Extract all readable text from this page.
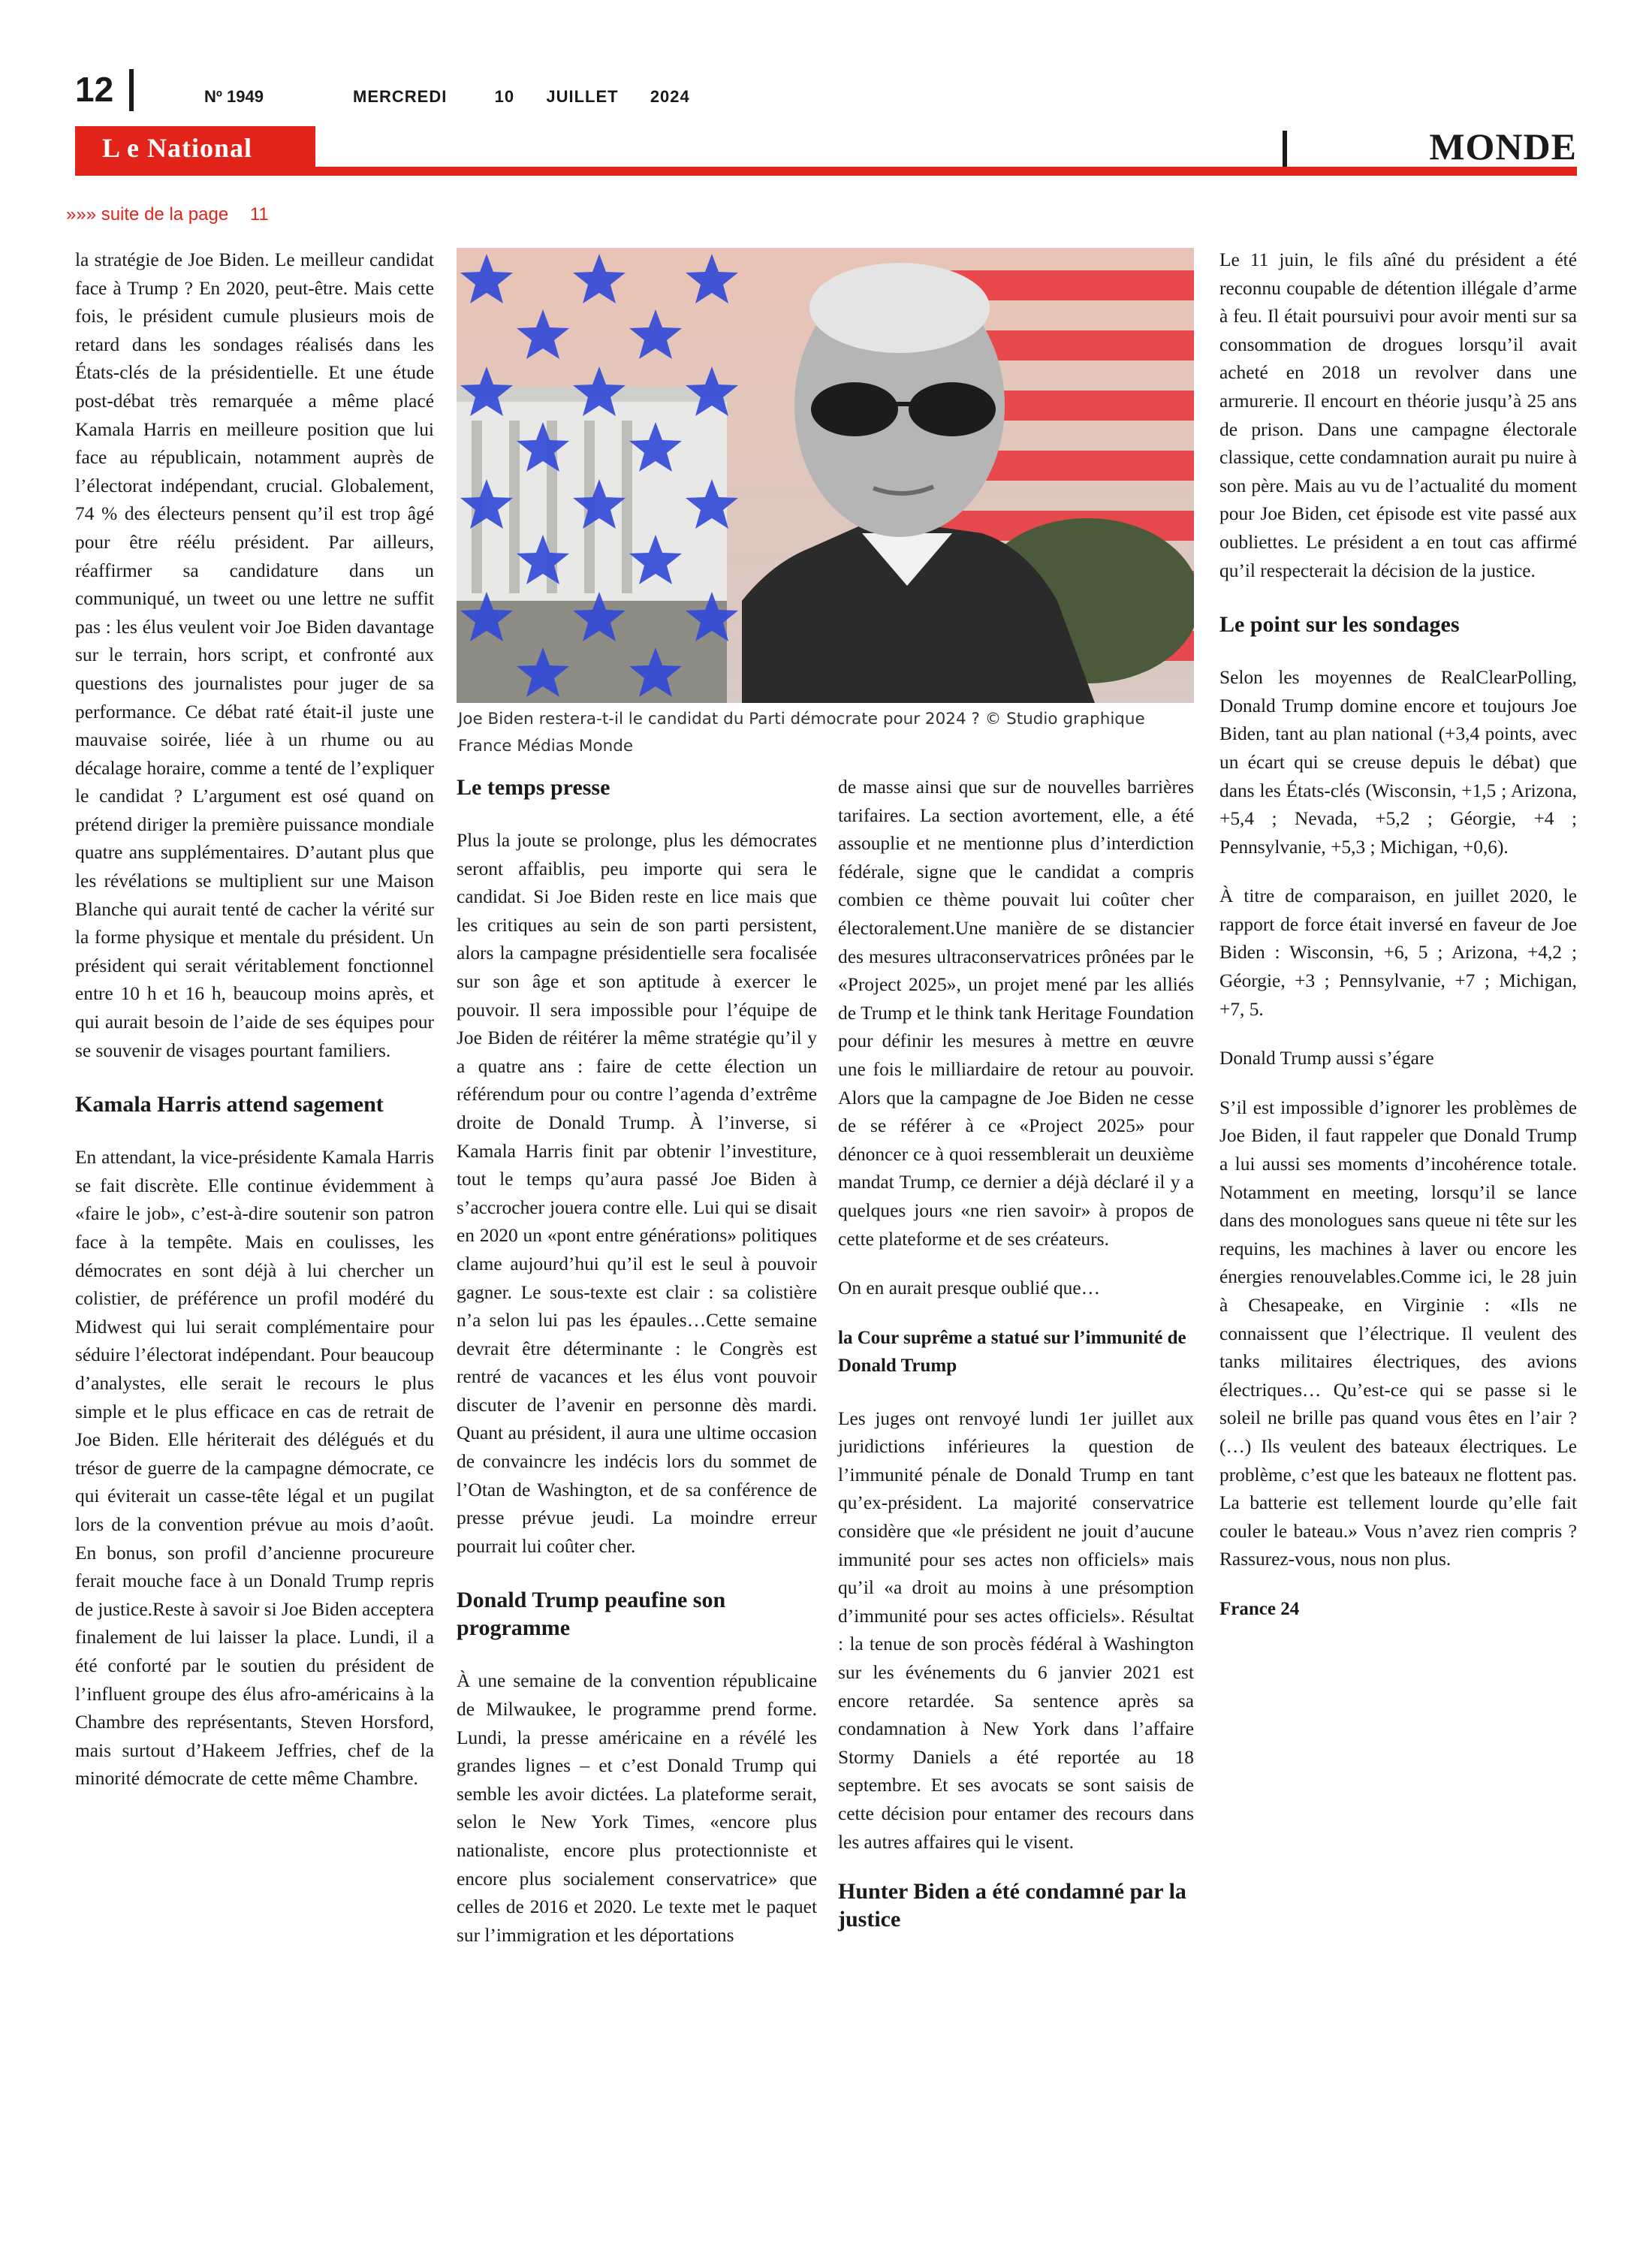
12	Nº 1949	MERCREDI   10  JUILLET  2024
L e National	MONDE
»»» suite de la page 11

la stratégie de Joe Biden. Le meilleur candidat face à Trump ? En 2020, peut-être. Mais cette fois, le président cumule plusieurs mois de retard dans les sondages réalisés dans les États-clés de la présidentielle. Et une étude post-débat très remarquée a même placé Kamala Harris en meilleure position que lui face au républicain, notamment auprès de l’électorat indépendant, crucial. Globalement, 74 % des électeurs pensent qu’il est trop âgé pour être réélu président. Par ailleurs, réaffirmer sa candidature dans un communiqué, un tweet ou une lettre ne suffit pas : les élus veulent voir Joe Biden davantage sur le terrain, hors script, et confronté aux questions des journalistes pour juger de sa performance. Ce débat raté était-il juste une mauvaise soirée, liée à un rhume ou au décalage horaire, comme a tenté de l’expliquer le candidat ? L’argument est osé quand on prétend diriger la première puissance mondiale quatre ans supplémentaires. D’autant plus que les révélations se multiplient sur une Maison Blanche qui aurait tenté de cacher la vérité sur la forme physique et mentale du président. Un président qui serait véritablement fonctionnel entre 10 h et 16 h, beaucoup moins après, et qui aurait besoin de l’aide de ses équipes pour se souvenir de visages pourtant familiers.

Kamala Harris attend sagement

En attendant, la vice-présidente Kamala Harris se fait discrète. Elle continue évidemment à «faire le job», c’est-à-dire soutenir son patron face à la tempête. Mais en coulisses, les démocrates en sont déjà à lui chercher un colistier, de préférence un profil modéré du Midwest qui lui serait complémentaire pour séduire l’électorat indépendant. Pour beaucoup d’analystes, elle serait le recours le plus simple et le plus efficace en cas de retrait de Joe Biden. Elle hériterait des délégués et du trésor de guerre de la campagne démocrate, ce qui éviterait un casse-tête légal et un pugilat lors de la convention prévue au mois d’août. En bonus, son profil d’ancienne procureure ferait mouche face à un Donald Trump repris de justice.Reste à savoir si Joe Biden acceptera finalement de lui laisser la place. Lundi, il a été conforté par le soutien du président de l’influent groupe des élus afro-américains à la Chambre des représentants, Steven Horsford, mais surtout d’Hakeem Jeffries, chef de la minorité démocrate de cette même Chambre.

Joe Biden restera-t-il le candidat du Parti démocrate pour 2024 ? © Studio graphique France Médias Monde
Le temps presse

Plus la joute se prolonge, plus les démocrates seront affaiblis, peu importe qui sera le candidat. Si Joe Biden reste en lice mais que les critiques au sein de son parti persistent, alors la campagne présidentielle sera focalisée sur son âge et son aptitude à exercer le pouvoir. Il sera impossible pour l’équipe de Joe Biden de réitérer la même stratégie qu’il y a quatre ans : faire de cette élection un référendum pour ou contre l’agenda d’extrême droite de Donald Trump. À l’inverse, si Kamala Harris finit par obtenir l’investiture, tout le temps qu’aura passé Joe Biden à s’accrocher jouera contre elle. Lui qui se disait en 2020 un «pont entre générations» politiques clame aujourd’hui qu’il est le seul à pouvoir gagner. Le sous-texte est clair : sa colistière n’a selon lui pas les épaules…Cette semaine devrait être déterminante : le Congrès est rentré de vacances et les élus vont pouvoir discuter de l’avenir en personne dès mardi. Quant au président, il aura une ultime occasion de convaincre les indécis lors du sommet de l’Otan de Washington, et de sa conférence de presse prévue jeudi. La moindre erreur pourrait lui coûter cher.

Donald Trump peaufine son programme

À une semaine de la convention républicaine de Milwaukee, le programme prend forme. Lundi, la presse américaine en a révélé les grandes lignes – et c’est Donald Trump qui semble les avoir dictées. La plateforme serait, selon le New York Times, «encore plus nationaliste, encore plus protectionniste et encore plus socialement conservatrice» que celles de 2016 et 2020. Le texte met le paquet sur l’immigration et les déportations

de masse ainsi que sur de nouvelles barrières tarifaires. La section avortement, elle, a été assouplie et ne mentionne plus d’interdiction fédérale, signe que le candidat a compris combien ce thème pouvait lui coûter cher électoralement.Une manière de se distancier des mesures ultraconservatrices prônées par le «Project 2025», un projet mené par les alliés de Trump et le think tank Heritage Foundation pour définir les mesures à mettre en œuvre une fois le milliardaire de retour au pouvoir. Alors que la campagne de Joe Biden ne cesse de se référer à ce «Project 2025» pour dénoncer ce à quoi ressemblerait un deuxième mandat Trump, ce dernier a déjà déclaré il y a quelques jours «ne rien savoir» à propos de cette plateforme et de ses créateurs.

On en aurait presque oublié que…

la Cour suprême a statué sur l’immunité de Donald Trump

Les juges ont renvoyé lundi 1er juillet aux juridictions inférieures la question de l’immunité pénale de Donald Trump en tant qu’ex-président. La majorité conservatrice considère que «le président ne jouit d’aucune immunité pour ses actes non officiels» mais qu’il «a droit au moins à une présomption d’immunité pour ses actes officiels». Résultat : la tenue de son procès fédéral à Washington sur les événements du 6 janvier 2021 est encore retardée. Sa sentence après sa condamnation à New York dans l’affaire Stormy Daniels a été reportée au 18 septembre. Et ses avocats se sont saisis de cette décision pour entamer des recours dans les autres affaires qui le visent.

Hunter Biden a été condamné par la justice

Le 11 juin, le fils aîné du président a été reconnu coupable de détention illégale d’arme à feu. Il était poursuivi pour avoir menti sur sa consommation de drogues lorsqu’il avait acheté en 2018 un revolver dans une armurerie. Il encourt en théorie jusqu’à 25 ans de prison. Dans une campagne électorale classique, cette condamnation aurait pu nuire à son père. Mais au vu de l’actualité du moment pour Joe Biden, cet épisode est vite passé aux oubliettes. Le président a en tout cas affirmé qu’il respecterait la décision de la justice.

Le point sur les sondages

Selon les moyennes de RealClearPolling, Donald Trump domine encore et toujours Joe Biden, tant au plan national (+3,4 points, avec un écart qui se creuse depuis le débat) que dans les États-clés (Wisconsin, +1,5 ; Arizona, +5,4 ; Nevada, +5,2 ; Géorgie, +4 ; Pennsylvanie, +5,3 ; Michigan, +0,6).

À titre de comparaison, en juillet 2020, le rapport de force était inversé en faveur de Joe Biden : Wisconsin, +6, 5 ; Arizona, +4,2 ; Géorgie, +3 ; Pennsylvanie, +7 ; Michigan, +7, 5.

Donald Trump aussi s’égare

S’il est impossible d’ignorer les problèmes de Joe Biden, il faut rappeler que Donald Trump a lui aussi ses moments d’incohérence totale. Notamment en meeting, lorsqu’il se lance dans des monologues sans queue ni tête sur les requins, les machines à laver ou encore les énergies renouvelables.Comme ici, le 28 juin à Chesapeake, en Virginie : «Ils ne connaissent que l’électrique. Il veulent des tanks militaires électriques, des avions électriques… Qu’est-ce qui se passe si le soleil ne brille pas quand vous êtes en l’air ? (…) Ils veulent des bateaux électriques. Le problème, c’est que les bateaux ne flottent pas. La batterie est tellement lourde qu’elle fait couler le bateau.» Vous n’avez rien compris ? Rassurez-vous, nous non plus.

France 24
